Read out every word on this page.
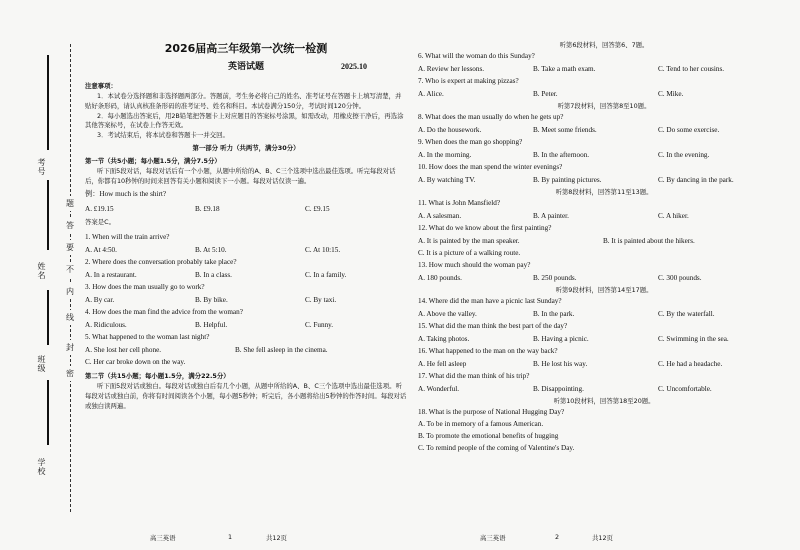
考号
姓名
班级
学校
题
答
要
不
内
线
封
密
2026届高三年级第一次统一检测
英语试题	2025.10

注意事项：

1．本试卷分选择题和非选择题两部分。答题前，考生务必将自己的姓名、准考证号在答题卡上填写清楚，并贴好条形码，请认真核准条形码的准考证号、姓名和科目。本试卷满分150分，考试时间120分钟。

2．每小题选出答案后，用2B铅笔把答题卡上对应题目的答案标号涂黑，如需改动，用橡皮擦干净后，再选涂其他答案标号，在试卷上作答无效。

3．考试结束后，将本试卷和答题卡一并交回。

第一部分 听力（共两节，满分30分）

第一节（共5小题；每小题1.5分，满分7.5分）

听下面5段对话，每段对话后有一个小题，从题中所给的A、B、C三个选项中选出最佳选项。听完每段对话后，你都有10秒钟的时间来回答有关小题和阅读下一小题。每段对话仅读一遍。

例：How much is the shirt?

A. £19.15	B. £9.18	C. £9.15

答案是C。

1. When will the train arrive?

A. At 4:50.	B. At 5:10.	C. At 10:15.

2. Where does the conversation probably take place?

A. In a restaurant.	B. In a class.	C. In a family.

3. How does the man usually go to work?

A. By car.	B. By bike.	C. By taxi.

4. How does the man find the advice from the woman?

A. Ridiculous.	B. Helpful.	C. Funny.

5. What happened to the woman last night?

A. She lost her cell phone.	B. She fell asleep in the cinema.

C. Her car broke down on the way.

第二节（共15小题；每小题1.5分，满分22.5分）

听下面5段对话或独白。每段对话或独白后有几个小题，从题中所给的A、B、C三个选项中选出最佳选项。听每段对话或独白前，你将有时间阅读各个小题，每小题5秒钟；听完后，各小题将给出5秒钟的作答时间。每段对话或独白读两遍。

高三英语	1	共12页

听第6段材料，回答第6、7题。

6. What will the woman do this Sunday?

A. Review her lessons.	B. Take a math exam.	C. Tend to her cousins.

7. Who is expert at making pizzas?

A. Alice.	B. Peter.	C. Mike.

听第7段材料，回答第8至10题。

8. What does the man usually do when he gets up?

A. Do the housework.	B. Meet some friends.	C. Do some exercise.

9. When does the man go shopping?

A. In the morning.	B. In the afternoon.	C. In the evening.

10. How does the man spend the winter evenings?

A. By watching TV.	B. By painting pictures.	C. By dancing in the park.

听第8段材料，回答第11至13题。

11. What is John Mansfield?

A. A salesman.	B. A painter.	C. A hiker.

12. What do we know about the first painting?

A. It is painted by the man speaker.	B. It is painted about the hikers.

C. It is a picture of a walking route.

13. How much should the woman pay?

A. 180 pounds.	B. 250 pounds.	C. 300 pounds.

听第9段材料，回答第14至17题。

14. Where did the man have a picnic last Sunday?

A. Above the valley.	B. In the park.	C. By the waterfall.

15. What did the man think the best part of the day?

A. Taking photos.	B. Having a picnic.	C. Swimming in the sea.

16. What happened to the man on the way back?

A. He fell asleep	B. He lost his way.	C. He had a headache.

17. What did the man think of his trip?

A. Wonderful.	B. Disappointing.	C. Uncomfortable.

听第10段材料，回答第18至20题。

18. What is the purpose of National Hugging Day?

A. To be in memory of a famous American.

B. To promote the emotional benefits of hugging

C. To remind people of the coming of Valentine's Day.

高三英语	2	共12页
